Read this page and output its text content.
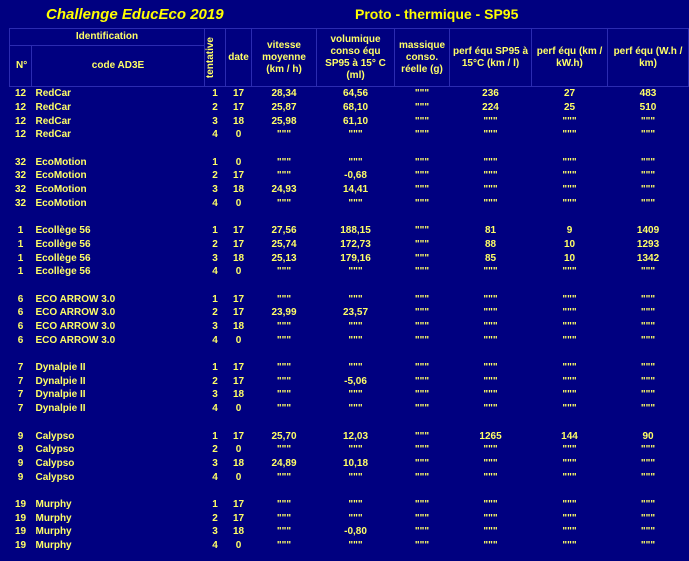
Challenge EducEco 2019	Proto - thermique - SP95
Identification		tentative	date	vitesse moyenne (km / h)	volumique conso équ SP95 à 15° C (ml)	massique conso. réelle (g)	perf équ SP95 à 15°C (km / l)	perf équ (km / kW.h)	perf équ (W.h / km)
N°	code AD3E								
12	RedCar	1	17	28,34	64,56	"""	236	27	483
12	RedCar	2	17	25,87	68,10	"""	224	25	510
12	RedCar	3	18	25,98	61,10	"""	"""	"""	"""
12	RedCar	4	0	"""	"""	"""	"""	"""	"""

32	EcoMotion	1	0	"""	"""	"""	"""	"""	"""
32	EcoMotion	2	17	"""	-0,68	"""	"""	"""	"""
32	EcoMotion	3	18	24,93	14,41	"""	"""	"""	"""
32	EcoMotion	4	0	"""	"""	"""	"""	"""	"""

1	Ecollège 56	1	17	27,56	188,15	"""	81	9	1409
1	Ecollège 56	2	17	25,74	172,73	"""	88	10	1293
1	Ecollège 56	3	18	25,13	179,16	"""	85	10	1342
1	Ecollège 56	4	0	"""	"""	"""	"""	"""	"""

6	ECO ARROW 3.0	1	17	"""	"""	"""	"""	"""	"""
6	ECO ARROW 3.0	2	17	23,99	23,57	"""	"""	"""	"""
6	ECO ARROW 3.0	3	18	"""	"""	"""	"""	"""	"""
6	ECO ARROW 3.0	4	0	"""	"""	"""	"""	"""	"""

7	Dynalpie II	1	17	"""	"""	"""	"""	"""	"""
7	Dynalpie II	2	17	"""	-5,06	"""	"""	"""	"""
7	Dynalpie II	3	18	"""	"""	"""	"""	"""	"""
7	Dynalpie II	4	0	"""	"""	"""	"""	"""	"""

9	Calypso	1	17	25,70	12,03	"""	1265	144	90
9	Calypso	2	0	"""	"""	"""	"""	"""	"""
9	Calypso	3	18	24,89	10,18	"""	"""	"""	"""
9	Calypso	4	0	"""	"""	"""	"""	"""	"""

19	Murphy	1	17	"""	"""	"""	"""	"""	"""
19	Murphy	2	17	"""	"""	"""	"""	"""	"""
19	Murphy	3	18	"""	-0,80	"""	"""	"""	"""
19	Murphy	4	0	"""	"""	"""	"""	"""	"""
